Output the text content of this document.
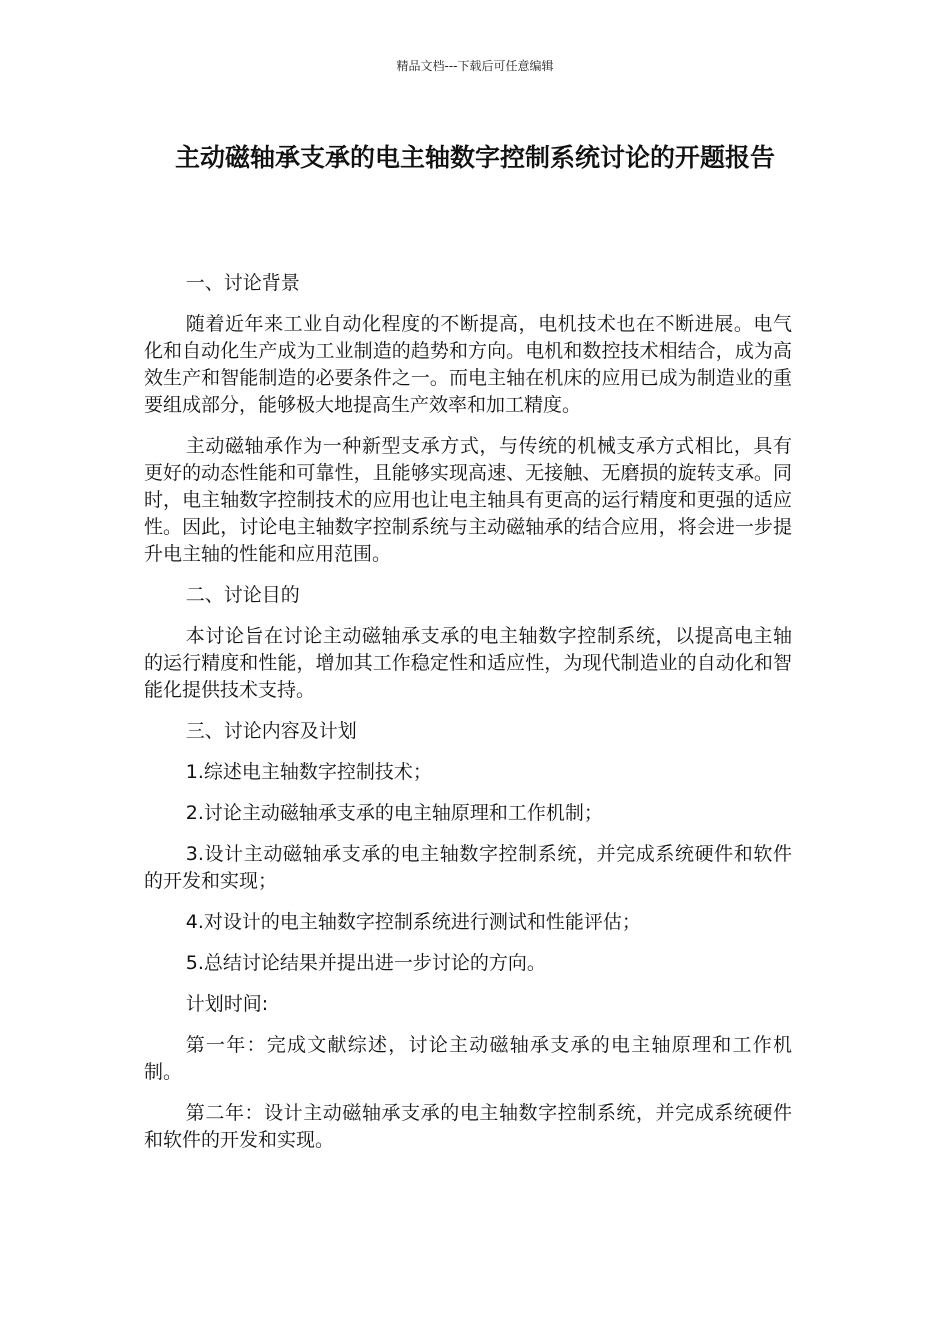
精品文档---下载后可任意编辑
主动磁轴承支承的电主轴数字控制系统讨论的开题报告

一、讨论背景

随着近年来工业自动化程度的不断提高，电机技术也在不断进展。电气化和自动化生产成为工业制造的趋势和方向。电机和数控技术相结合，成为高效生产和智能制造的必要条件之一。而电主轴在机床的应用已成为制造业的重要组成部分，能够极大地提高生产效率和加工精度。

主动磁轴承作为一种新型支承方式，与传统的机械支承方式相比，具有更好的动态性能和可靠性，且能够实现高速、无接触、无磨损的旋转支承。同时，电主轴数字控制技术的应用也让电主轴具有更高的运行精度和更强的适应性。因此，讨论电主轴数字控制系统与主动磁轴承的结合应用，将会进一步提升电主轴的性能和应用范围。

二、讨论目的

本讨论旨在讨论主动磁轴承支承的电主轴数字控制系统，以提高电主轴的运行精度和性能，增加其工作稳定性和适应性，为现代制造业的自动化和智能化提供技术支持。

三、讨论内容及计划

1.综述电主轴数字控制技术；

2.讨论主动磁轴承支承的电主轴原理和工作机制；

3.设计主动磁轴承支承的电主轴数字控制系统，并完成系统硬件和软件的开发和实现；

4.对设计的电主轴数字控制系统进行测试和性能评估；

5.总结讨论结果并提出进一步讨论的方向。

计划时间:

第一年：完成文献综述，讨论主动磁轴承支承的电主轴原理和工作机制。

第二年：设计主动磁轴承支承的电主轴数字控制系统，并完成系统硬件和软件的开发和实现。
